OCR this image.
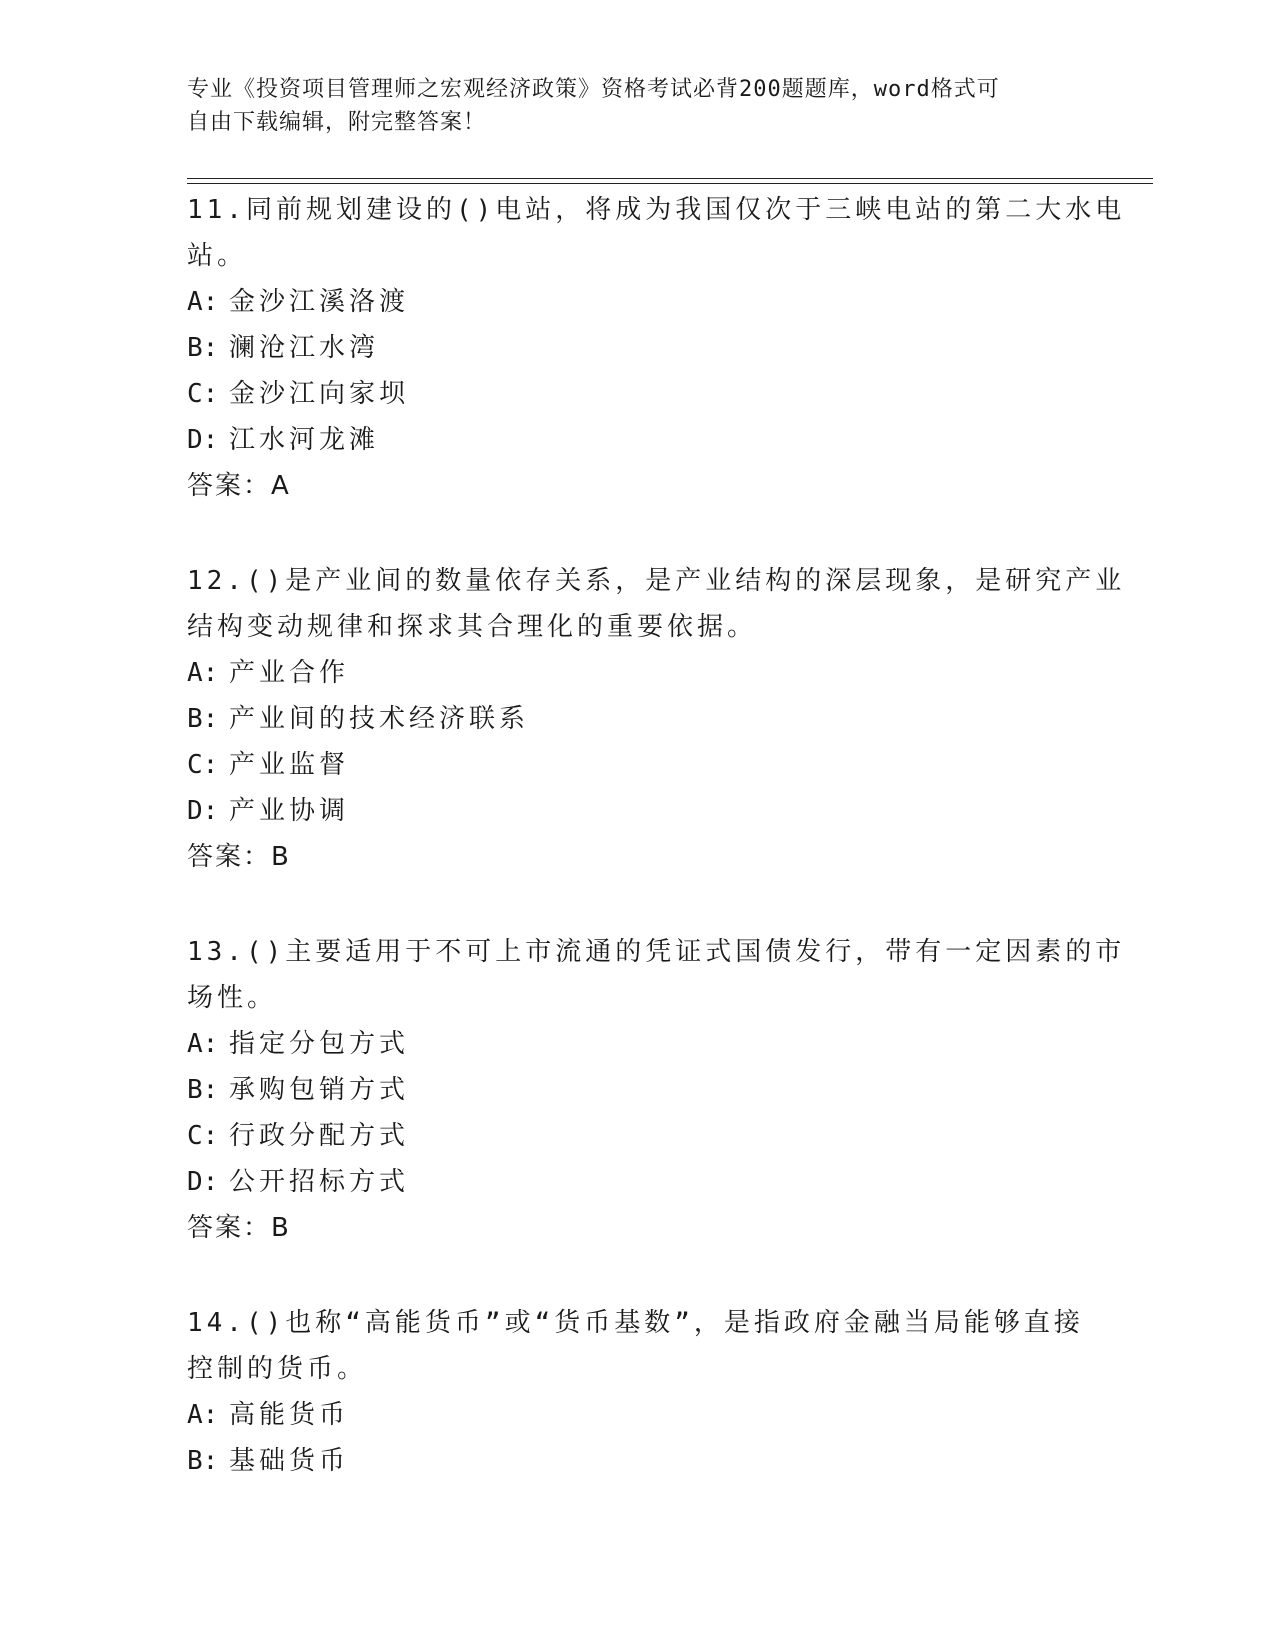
专业《投资项目管理师之宏观经济政策》资格考试必背200题题库，word格式可
自由下载编辑，附完整答案！
11.同前规划建设的()电站，将成为我国仅次于三峡电站的第二大水电
站。
A: 金沙江溪洛渡
B: 澜沧江水湾
C: 金沙江向家坝
D: 江水河龙滩
答案：A
12.()是产业间的数量依存关系，是产业结构的深层现象，是研究产业
结构变动规律和探求其合理化的重要依据。
A: 产业合作
B: 产业间的技术经济联系
C: 产业监督
D: 产业协调
答案：B
13.()主要适用于不可上市流通的凭证式国债发行，带有一定因素的市
场性。
A: 指定分包方式
B: 承购包销方式
C: 行政分配方式
D: 公开招标方式
答案：B
14.()也称“高能货币”或“货币基数”，是指政府金融当局能够直接
控制的货币。
A: 高能货币
B: 基础货币
